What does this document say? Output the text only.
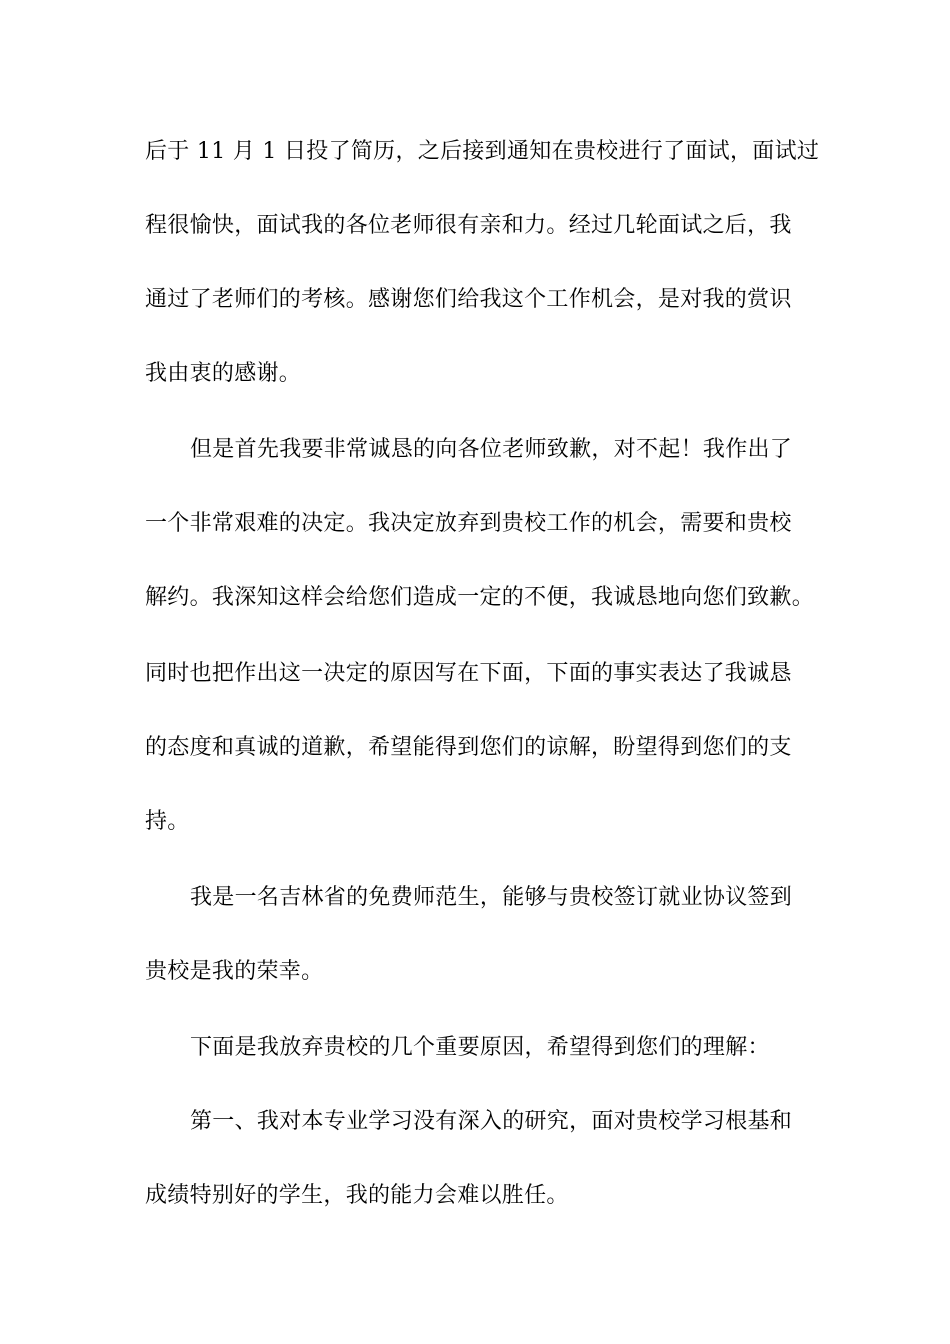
后于 11 月 1 日投了简历，之后接到通知在贵校进行了面试，面试过
程很愉快，面试我的各位老师很有亲和力。经过几轮面试之后，我
通过了老师们的考核。感谢您们给我这个工作机会，是对我的赏识
我由衷的感谢。
但是首先我要非常诚恳的向各位老师致歉，对不起！我作出了
一个非常艰难的决定。我决定放弃到贵校工作的机会，需要和贵校
解约。我深知这样会给您们造成一定的不便，我诚恳地向您们致歉。
同时也把作出这一决定的原因写在下面，下面的事实表达了我诚恳
的态度和真诚的道歉，希望能得到您们的谅解，盼望得到您们的支
持。
我是一名吉林省的免费师范生，能够与贵校签订就业协议签到
贵校是我的荣幸。
下面是我放弃贵校的几个重要原因，希望得到您们的理解：
第一、我对本专业学习没有深入的研究，面对贵校学习根基和
成绩特别好的学生，我的能力会难以胜任。
